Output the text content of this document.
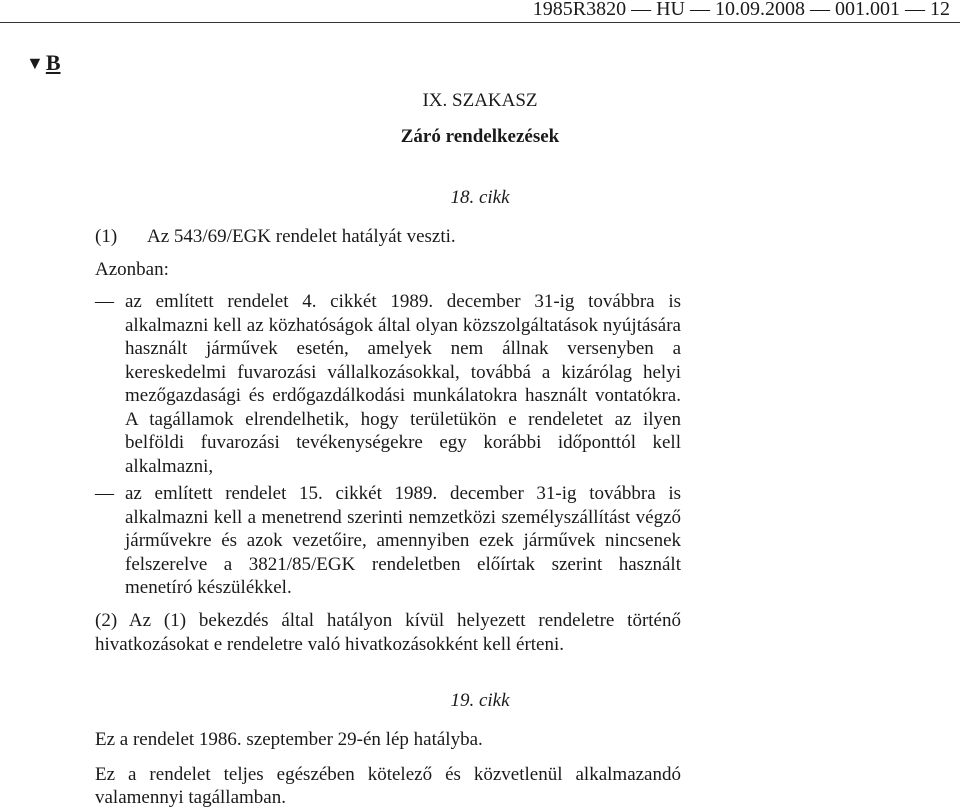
1985R3820 — HU — 10.09.2008 — 001.001 — 12
▼B
IX. SZAKASZ
Záró rendelkezések
18. cikk
(1) Az 543/69/EGK rendelet hatályát veszti.
Azonban:
— az említett rendelet 4. cikkét 1989. december 31-ig továbbra is alkalmazni kell az közhatóságok által olyan közszolgáltatások nyújtására használt járművek esetén, amelyek nem állnak versenyben a kereskedelmi fuvarozási vállalkozásokkal, továbbá a kizárólag helyi mezőgazdasági és erdőgazdálkodási munkálatokra használt vontatókra. A tagállamok elrendelhetik, hogy területükön e rendeletet az ilyen belföldi fuvarozási tevékenységekre egy korábbi időponttól kell alkalmazni,
— az említett rendelet 15. cikkét 1989. december 31-ig továbbra is alkalmazni kell a menetrend szerinti nemzetközi személyszállítást végző járművekre és azok vezetőire, amennyiben ezek járművek nincsenek felszerelve a 3821/85/EGK rendeletben előírtak szerint használt menetíró készülékkel.
(2) Az (1) bekezdés által hatályon kívül helyezett rendeletre történő hivatkozásokat e rendeletre való hivatkozásokként kell érteni.
19. cikk
Ez a rendelet 1986. szeptember 29-én lép hatályba.
Ez a rendelet teljes egészében kötelező és közvetlenül alkalmazandó valamennyi tagállamban.
